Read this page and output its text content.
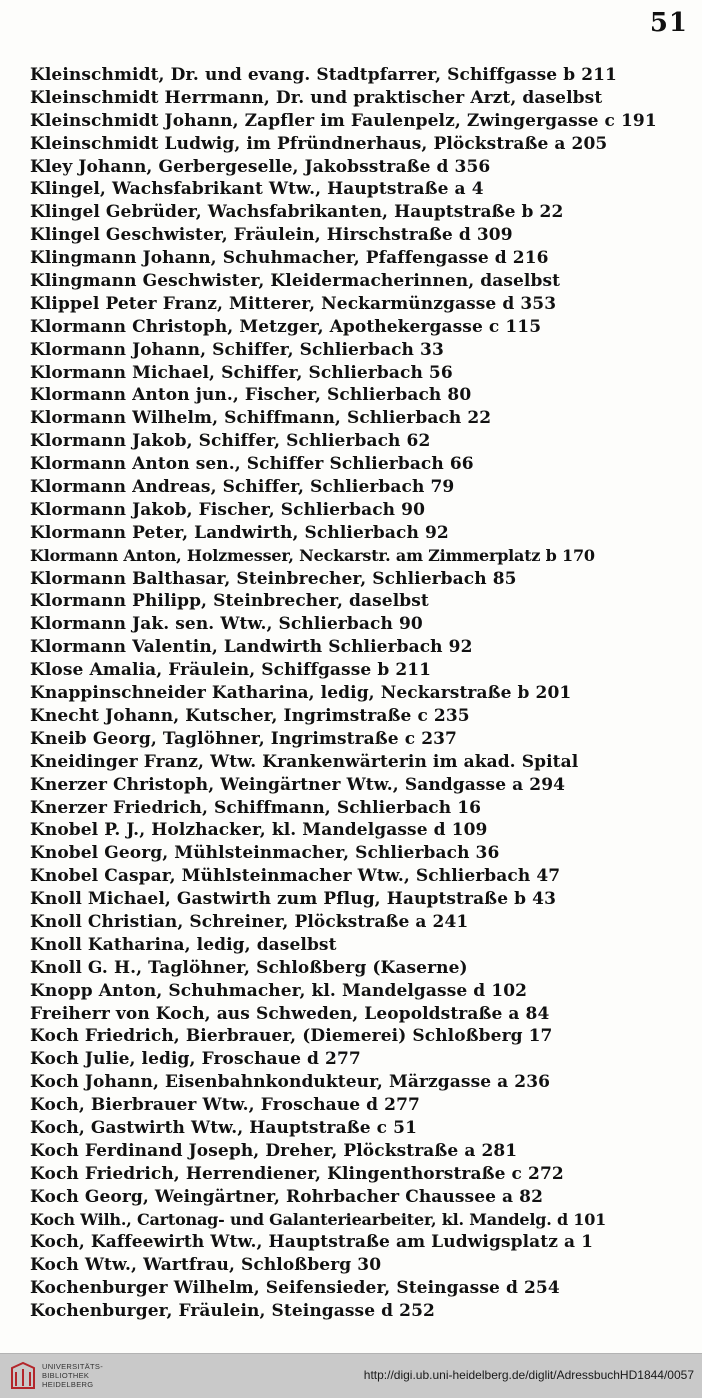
51
Kleinschmidt, Dr. und evang. Stadtpfarrer, Schiffgasse b 211
Kleinschmidt Herrmann, Dr. und praktischer Arzt, daselbst
Kleinschmidt Johann, Zapfler im Faulenpelz, Zwingergasse c 191
Kleinschmidt Ludwig, im Pfründnerhaus, Plöckstraße a 205
Kley Johann, Gerbergeselle, Jakobsstraße d 356
Klingel, Wachsfabrikant Wtw., Hauptstraße a 4
Klingel Gebrüder, Wachsfabrikanten, Hauptstraße b 22
Klingel Geschwister, Fräulein, Hirschstraße d 309
Klingmann Johann, Schuhmacher, Pfaffengasse d 216
Klingmann Geschwister, Kleidermacherinnen, daselbst
Klippel Peter Franz, Mitterer, Neckarmünzgasse d 353
Klormann Christoph, Metzger, Apothekergasse c 115
Klormann Johann, Schiffer, Schlierbach 33
Klormann Michael, Schiffer, Schlierbach 56
Klormann Anton jun., Fischer, Schlierbach 80
Klormann Wilhelm, Schiffmann, Schlierbach 22
Klormann Jakob, Schiffer, Schlierbach 62
Klormann Anton sen., Schiffer Schlierbach 66
Klormann Andreas, Schiffer, Schlierbach 79
Klormann Jakob, Fischer, Schlierbach 90
Klormann Peter, Landwirth, Schlierbach 92
Klormann Anton, Holzmesser, Neckarstr. am Zimmerplatz b 170
Klormann Balthasar, Steinbrecher, Schlierbach 85
Klormann Philipp, Steinbrecher, daselbst
Klormann Jak. sen. Wtw., Schlierbach 90
Klormann Valentin, Landwirth Schlierbach 92
Klose Amalia, Fräulein, Schiffgasse b 211
Knappinschneider Katharina, ledig, Neckarstraße b 201
Knecht Johann, Kutscher, Ingrimstraße c 235
Kneib Georg, Taglöhner, Ingrimstraße c 237
Kneidinger Franz, Wtw. Krankenwärterin im akad. Spital
Knerzer Christoph, Weingärtner Wtw., Sandgasse a 294
Knerzer Friedrich, Schiffmann, Schlierbach 16
Knobel P. J., Holzhacker, kl. Mandelgasse d 109
Knobel Georg, Mühlsteinmacher, Schlierbach 36
Knobel Caspar, Mühlsteinmacher Wtw., Schlierbach 47
Knoll Michael, Gastwirth zum Pflug, Hauptstraße b 43
Knoll Christian, Schreiner, Plöckstraße a 241
Knoll Katharina, ledig, daselbst
Knoll G. H., Taglöhner, Schloßberg (Kaserne)
Knopp Anton, Schuhmacher, kl. Mandelgasse d 102
Freiherr von Koch, aus Schweden, Leopoldstraße a 84
Koch Friedrich, Bierbrauer, (Diemerei) Schloßberg 17
Koch Julie, ledig, Froschaue d 277
Koch Johann, Eisenbahnkondukteur, Märzgasse a 236
Koch, Bierbrauer Wtw., Froschaue d 277
Koch, Gastwirth Wtw., Hauptstraße c 51
Koch Ferdinand Joseph, Dreher, Plöckstraße a 281
Koch Friedrich, Herrendiener, Klingenthorstraße c 272
Koch Georg, Weingärtner, Rohrbacher Chaussee a 82
Koch Wilh., Cartonag- und Galanteriearbeiter, kl. Mandelg. d 101
Koch, Kaffeewirth Wtw., Hauptstraße am Ludwigsplatz a 1
Koch Wtw., Wartfrau, Schloßberg 30
Kochenburger Wilhelm, Seifensieder, Steingasse d 254
Kochenburger, Fräulein, Steingasse d 252
UNIVERSITÄTS-
BIBLIOTHEK
HEIDELBERG
http://digi.ub.uni-heidelberg.de/diglit/AdressbuchHD1844/0057
